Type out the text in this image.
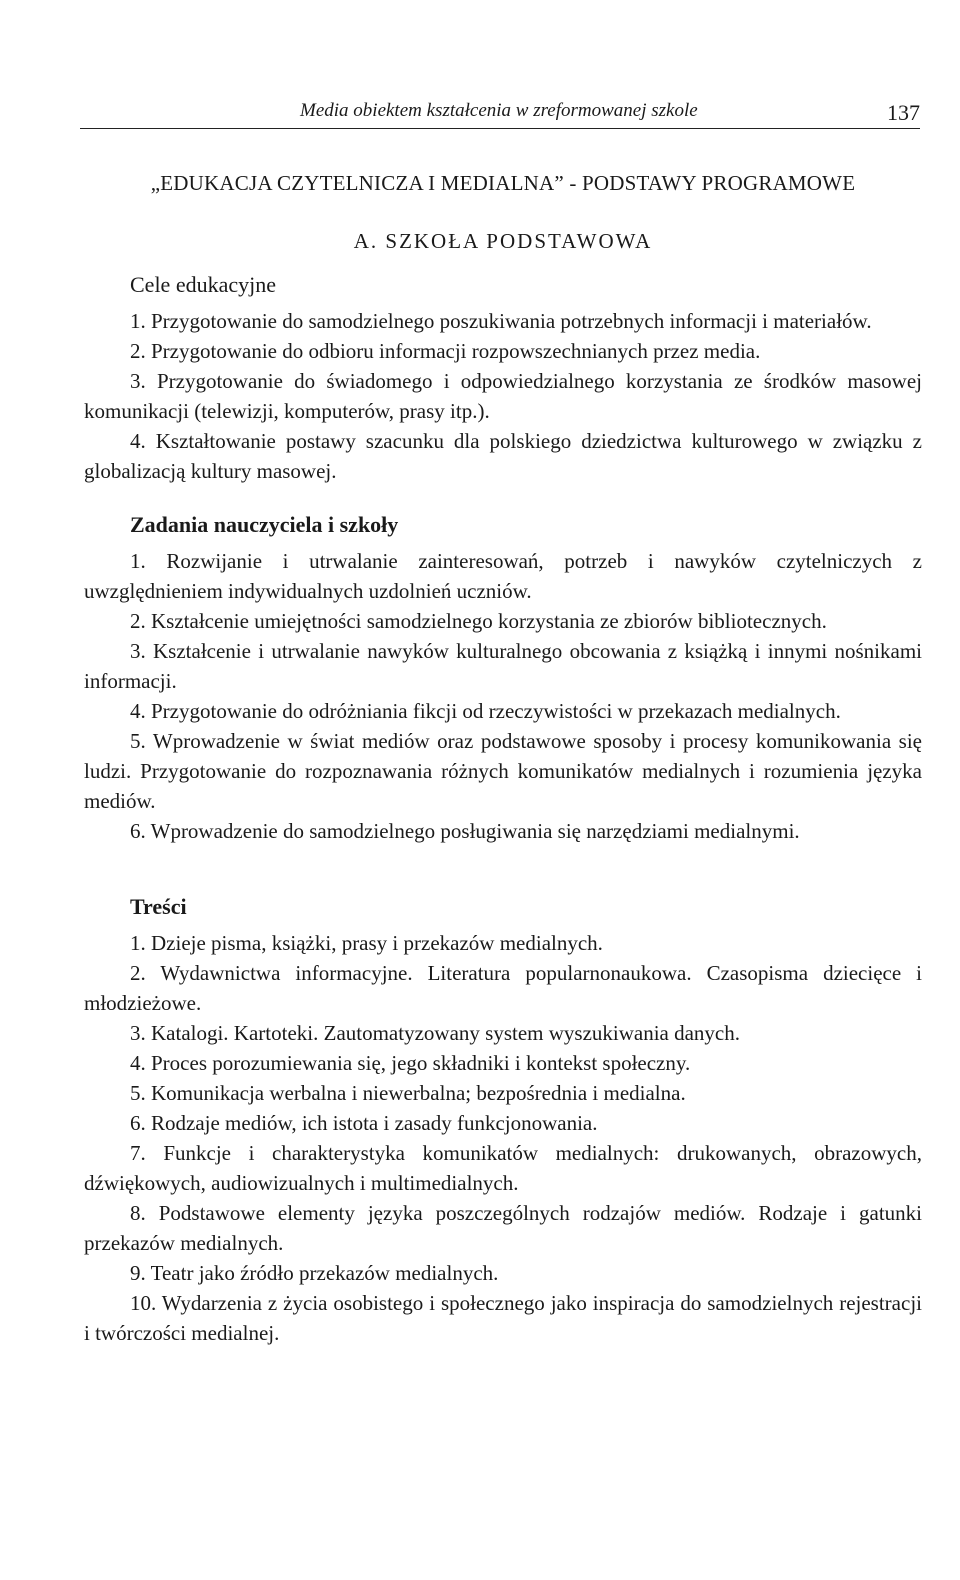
Media obiektem kształcenia w zreformowanej szkole	137
„EDUKACJA CZYTELNICZA I MEDIALNA” - PODSTAWY PROGRAMOWE
A. SZKOŁA PODSTAWOWA
Cele edukacyjne
1. Przygotowanie do samodzielnego poszukiwania potrzebnych informacji i materiałów.
2. Przygotowanie do odbioru informacji rozpowszechnianych przez media.
3. Przygotowanie do świadomego i odpowiedzialnego korzystania ze środków masowej komunikacji (telewizji, komputerów, prasy itp.).
4. Kształtowanie postawy szacunku dla polskiego dziedzictwa kulturowego w związku z globalizacją kultury masowej.
Zadania nauczyciela i szkoły
1. Rozwijanie i utrwalanie zainteresowań, potrzeb i nawyków czytelniczych z uwzględnieniem indywidualnych uzdolnień uczniów.
2. Kształcenie umiejętności samodzielnego korzystania ze zbiorów bibliotecznych.
3. Kształcenie i utrwalanie nawyków kulturalnego obcowania z książką i innymi nośnikami informacji.
4. Przygotowanie do odróżniania fikcji od rzeczywistości w przekazach medialnych.
5. Wprowadzenie w świat mediów oraz podstawowe sposoby i procesy komunikowania się ludzi. Przygotowanie do rozpoznawania różnych komunikatów medialnych i rozumienia języka mediów.
6. Wprowadzenie do samodzielnego posługiwania się narzędziami medialnymi.
Treści
1. Dzieje pisma, książki, prasy i przekazów medialnych.
2. Wydawnictwa informacyjne. Literatura popularnonaukowa. Czasopisma dziecięce i młodzieżowe.
3. Katalogi. Kartoteki. Zautomatyzowany system wyszukiwania danych.
4. Proces porozumiewania się, jego składniki i kontekst społeczny.
5. Komunikacja werbalna i niewerbalna; bezpośrednia i medialna.
6. Rodzaje mediów, ich istota i zasady funkcjonowania.
7. Funkcje i charakterystyka komunikatów medialnych: drukowanych, obrazowych, dźwiękowych, audiowizualnych i multimedialnych.
8. Podstawowe elementy języka poszczególnych rodzajów mediów. Rodzaje i gatunki przekazów medialnych.
9. Teatr jako źródło przekazów medialnych.
10. Wydarzenia z życia osobistego i społecznego jako inspiracja do samodzielnych rejestracji i twórczości medialnej.
